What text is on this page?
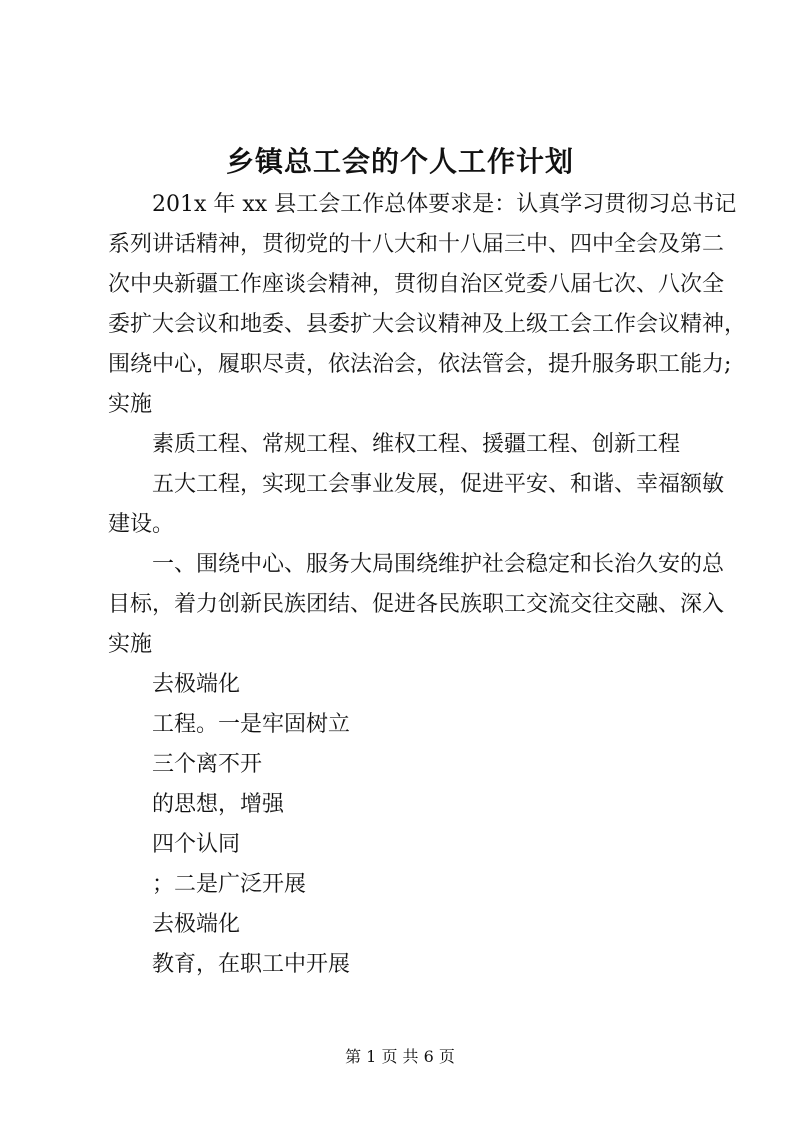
乡镇总工会的个人工作计划
201x 年 xx 县工会工作总体要求是：认真学习贯彻习总书记
系列讲话精神，贯彻党的十八大和十八届三中、四中全会及第二
次中央新疆工作座谈会精神，贯彻自治区党委八届七次、八次全
委扩大会议和地委、县委扩大会议精神及上级工会工作会议精神，
围绕中心，履职尽责，依法治会，依法管会，提升服务职工能力;
实施
素质工程、常规工程、维权工程、援疆工程、创新工程
五大工程，实现工会事业发展，促进平安、和谐、幸福额敏
建设。
一、围绕中心、服务大局围绕维护社会稳定和长治久安的总
目标，着力创新民族团结、促进各民族职工交流交往交融、深入
实施
去极端化
工程。一是牢固树立
三个离不开
的思想，增强
四个认同
；二是广泛开展
去极端化
教育，在职工中开展
第 1 页 共 6 页
